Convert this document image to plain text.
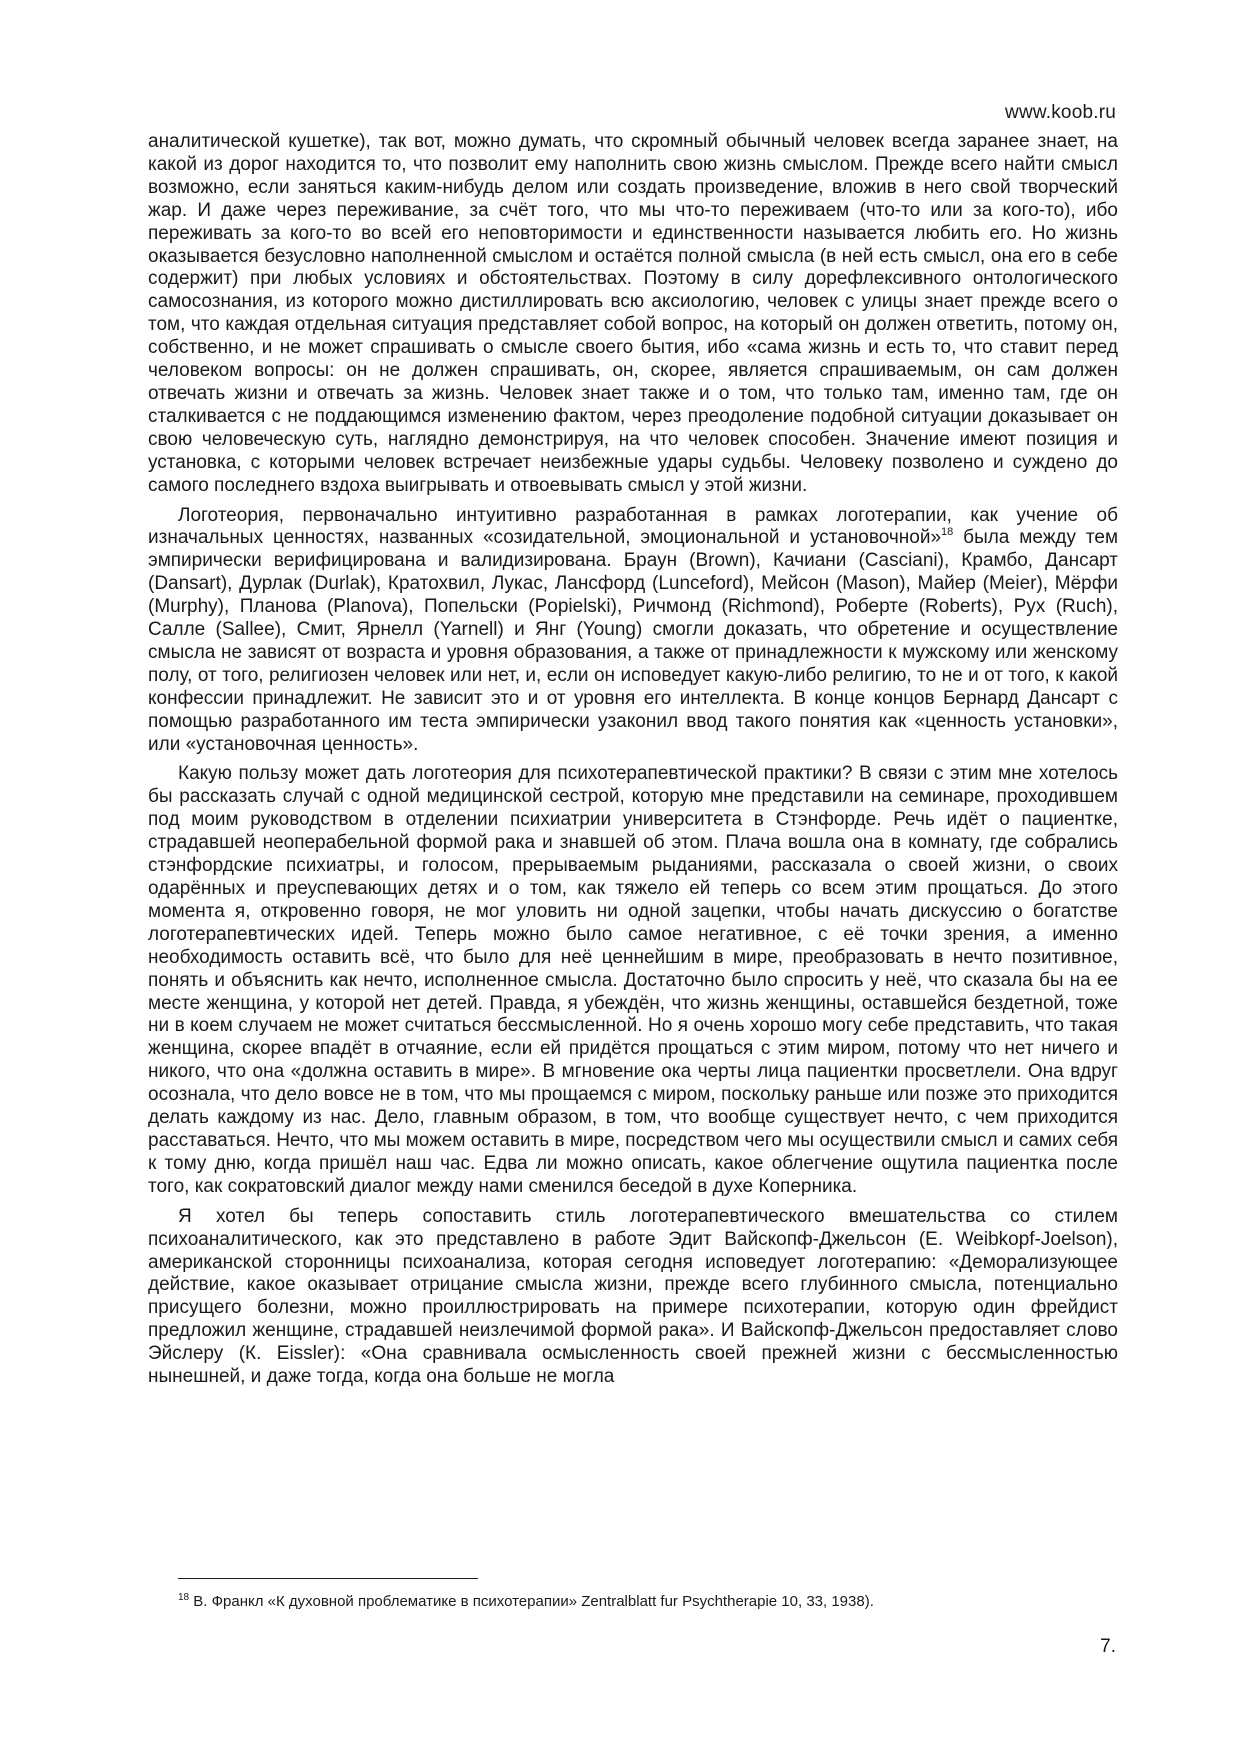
www.koob.ru

аналитической кушетке), так вот, можно думать, что скромный обычный человек всегда заранее знает, на какой из дорог находится то, что позволит ему наполнить свою жизнь смыслом. Прежде всего найти смысл возможно, если заняться каким-нибудь делом или создать произведение, вложив в него свой творческий жар. И даже через переживание, за счёт того, что мы что-то переживаем (что-то или за кого-то), ибо переживать за кого-то во всей его неповторимости и единственности называется любить его. Но жизнь оказывается безусловно наполненной смыслом и остаётся полной смысла (в ней есть смысл, она его в себе содержит) при любых условиях и обстоятельствах. Поэтому в силу дорефлексивного онтологического самосознания, из которого можно дистиллировать всю аксиологию, человек с улицы знает прежде всего о том, что каждая отдельная ситуация представляет собой вопрос, на который он должен ответить, потому он, собственно, и не может спрашивать о смысле своего бытия, ибо «сама жизнь и есть то, что ставит перед человеком вопросы: он не должен спрашивать, он, скорее, является спрашиваемым, он сам должен отвечать жизни и отвечать за жизнь. Человек знает также и о том, что только там, именно там, где он сталкивается с не поддающимся изменению фактом, через преодоление подобной ситуации доказывает он свою человеческую суть, наглядно демонстрируя, на что человек способен. Значение имеют позиция и установка, с которыми человек встречает неизбежные удары судьбы. Человеку позволено и суждено до самого последнего вздоха выигрывать и отвоевывать смысл у этой жизни.

Логотеория, первоначально интуитивно разработанная в рамках логотерапии, как учение об изначальных ценностях, названных «созидательной, эмоциональной и установочной»$^{18}$ была между тем эмпирически верифицирована и валидизирована. Браун (Brown), Качиани (Casciani), Крамбо, Дансарт (Dansart), Дурлак (Durlak), Кратохвил, Лукас, Лансфорд (Lunceford), Мейсон (Mason), Майер (Meier), Мёрфи (Murphy), Планова (Planova), Попельски (Popielski), Ричмонд (Richmond), Роберте (Roberts), Рух (Ruch), Салле (Sallee), Смит, Ярнелл (Yarnell) и Янг (Young) смогли доказать, что обретение и осуществление смысла не зависят от возраста и уровня образования, а также от принадлежности к мужскому или женскому полу, от того, религиозен человек или нет, и, если он исповедует какую-либо религию, то не и от того, к какой конфессии принадлежит. Не зависит это и от уровня его интеллекта. В конце концов Бернард Дансарт с помощью разработанного им теста эмпирически узаконил ввод такого понятия как «ценность установки», или «установочная ценность».

Какую пользу может дать логотеория для психотерапевтической практики? В связи с этим мне хотелось бы рассказать случай с одной медицинской сестрой, которую мне представили на семинаре, проходившем под моим руководством в отделении психиатрии университета в Стэнфорде. Речь идёт о пациентке, страдавшей неоперабельной формой рака и знавшей об этом. Плача вошла она в комнату, где собрались стэнфордские психиатры, и голосом, прерываемым рыданиями, рассказала о своей жизни, о своих одарённых и преуспевающих детях и о том, как тяжело ей теперь со всем этим прощаться. До этого момента я, откровенно говоря, не мог уловить ни одной зацепки, чтобы начать дискуссию о богатстве логотерапевтических идей. Теперь можно было самое негативное, с её точки зрения, а именно необходимость оставить всё, что было для неё ценнейшим в мире, преобразовать в нечто позитивное, понять и объяснить как нечто, исполненное смысла. Достаточно было спросить у неё, что сказала бы на ее месте женщина, у которой нет детей. Правда, я убеждён, что жизнь женщины, оставшейся бездетной, тоже ни в коем случаем не может считаться бессмысленной. Но я очень хорошо могу себе представить, что такая женщина, скорее впадёт в отчаяние, если ей придётся прощаться с этим миром, потому что нет ничего и никого, что она «должна оставить в мире». В мгновение ока черты лица пациентки просветлели. Она вдруг осознала, что дело вовсе не в том, что мы прощаемся с миром, поскольку раньше или позже это приходится делать каждому из нас. Дело, главным образом, в том, что вообще существует нечто, с чем приходится расставаться. Нечто, что мы можем оставить в мире, посредством чего мы осуществили смысл и самих себя к тому дню, когда пришёл наш час. Едва ли можно описать, какое облегчение ощутила пациентка после того, как сократовский диалог между нами сменился беседой в духе Коперника.

Я хотел бы теперь сопоставить стиль логотерапевтического вмешательства со стилем психоаналитического, как это представлено в работе Эдит Вайскопф-Джельсон (E. Weibkopf-Joelson), американской сторонницы психоанализа, которая сегодня исповедует логотерапию: «Деморализующее действие, какое оказывает отрицание смысла жизни, прежде всего глубинного смысла, потенциально присущего болезни, можно проиллюстрировать на примере психотерапии, которую один фрейдист предложил женщине, страдавшей неизлечимой формой рака». И Вайскопф-Джельсон предоставляет слово Эйслеру (К. Eissler): «Она сравнивала осмысленность своей прежней жизни с бессмысленностью нынешней, и даже тогда, когда она больше не могла

$^{18}$ В. Франкл «К духовной проблематике в психотерапии» Zentralblatt fur Psychtherapie 10, 33, 1938).
7.
